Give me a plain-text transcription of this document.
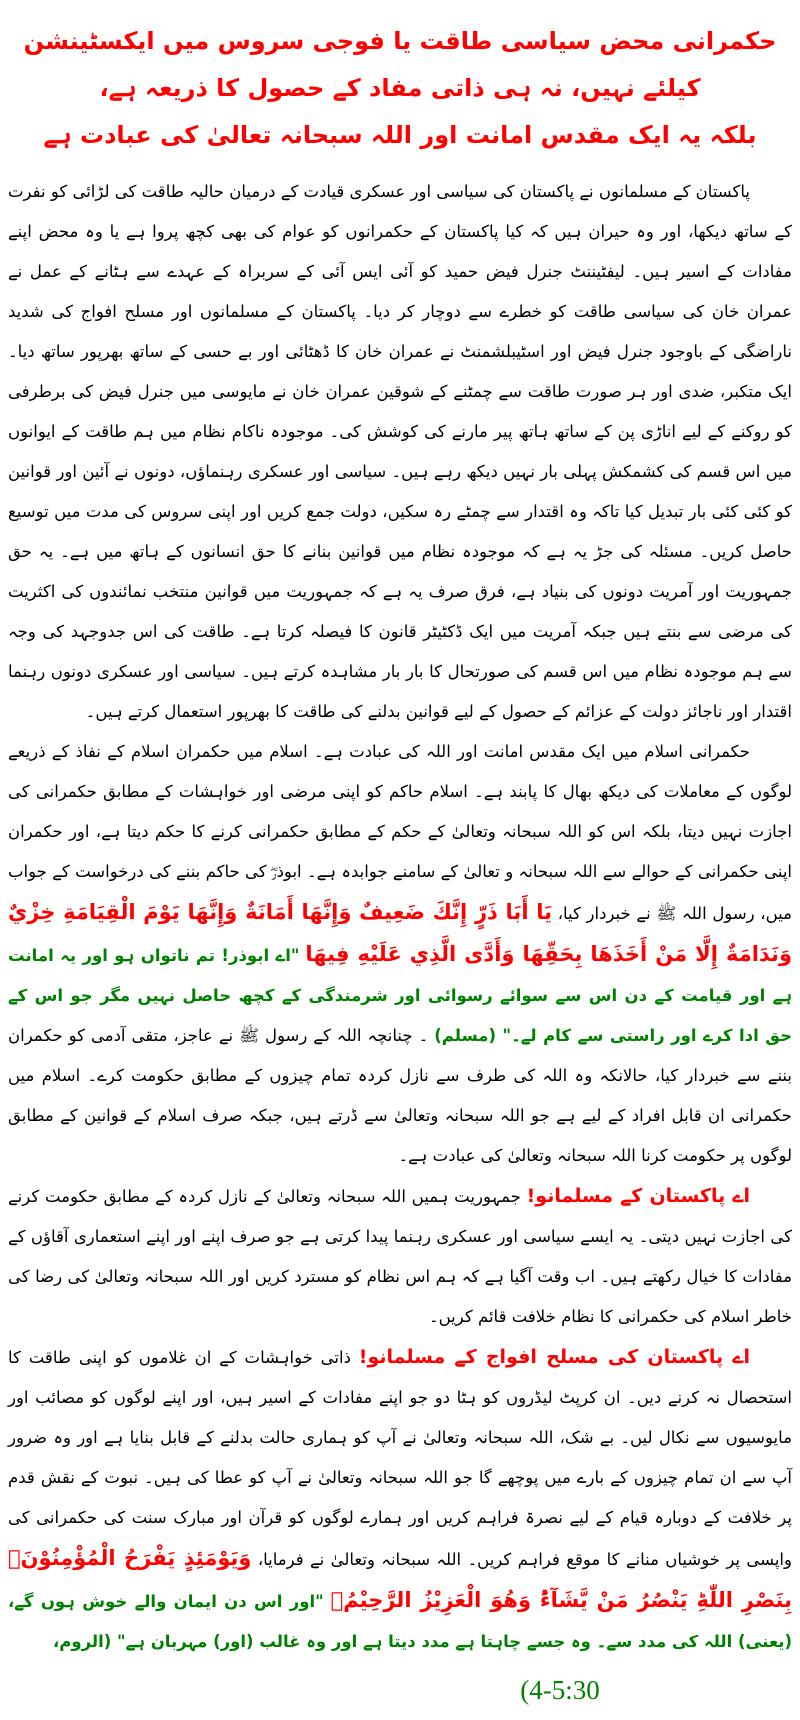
حکمرانی محض سیاسی طاقت یا فوجی سروس میں ایکسٹینشن کیلئے نہیں، نہ ہی ذاتی مفاد کے حصول کا ذریعہ ہے،
بلکہ یہ ایک مقدس امانت اور اللہ سبحانہ تعالیٰ کی عبادت ہے

پاکستان کے مسلمانوں نے پاکستان کی سیاسی اور عسکری قیادت کے درمیان حالیہ طاقت کی لڑائی کو نفرت کے ساتھ دیکھا، اور وہ حیران ہیں کہ کیا پاکستان کے حکمرانوں کو عوام کی بھی کچھ پروا ہے یا وہ محض اپنے مفادات کے اسیر ہیں۔ لیفٹیننٹ جنرل فیض حمید کو آئی ایس آئی کے سربراہ کے عہدے سے ہٹانے کے عمل نے عمران خان کی سیاسی طاقت کو خطرے سے دوچار کر دیا۔ پاکستان کے مسلمانوں اور مسلح افواج کی شدید ناراضگی کے باوجود جنرل فیض اور اسٹیبلشمنٹ نے عمران خان کا ڈھٹائی اور بے حسی کے ساتھ بھرپور ساتھ دیا۔ ایک متکبر، ضدی اور ہر صورت طاقت سے چمٹنے کے شوقین عمران خان نے مایوسی میں جنرل فیض کی برطرفی کو روکنے کے لیے اناڑی پن کے ساتھ ہاتھ پیر مارنے کی کوشش کی۔ موجودہ ناکام نظام میں ہم طاقت کے ایوانوں میں اس قسم کی کشمکش پہلی بار نہیں دیکھ رہے ہیں۔ سیاسی اور عسکری رہنماؤں، دونوں نے آئین اور قوانین کو کئی کئی بار تبدیل کیا تاکہ وہ اقتدار سے چمٹے رہ سکیں، دولت جمع کریں اور اپنی سروس کی مدت میں توسیع حاصل کریں۔ مسئلہ کی جڑ یہ ہے کہ موجودہ نظام میں قوانین بنانے کا حق انسانوں کے ہاتھ میں ہے۔ یہ حق جمہوریت اور آمریت دونوں کی بنیاد ہے، فرق صرف یہ ہے کہ جمہوریت میں قوانین منتخب نمائندوں کی اکثریت کی مرضی سے بنتے ہیں جبکہ آمریت میں ایک ڈکٹیٹر قانون کا فیصلہ کرتا ہے۔ طاقت کی اس جدوجہد کی وجہ سے ہم موجودہ نظام میں اس قسم کی صورتحال کا بار بار مشاہدہ کرتے ہیں۔ سیاسی اور عسکری دونوں رہنما اقتدار اور ناجائز دولت کے عزائم کے حصول کے لیے قوانین بدلنے کی طاقت کا بھرپور استعمال کرتے ہیں۔

حکمرانی اسلام میں ایک مقدس امانت اور اللہ کی عبادت ہے۔ اسلام میں حکمران اسلام کے نفاذ کے ذریعے لوگوں کے معاملات کی دیکھ بھال کا پابند ہے۔ اسلام حاکم کو اپنی مرضی اور خواہشات کے مطابق حکمرانی کی اجازت نہیں دیتا، بلکہ اس کو اللہ سبحانہ وتعالیٰ کے حکم کے مطابق حکمرانی کرنے کا حکم دیتا ہے، اور حکمران اپنی حکمرانی کے حوالے سے اللہ سبحانہ و تعالیٰ کے سامنے جوابدہ ہے۔ ابوذرؓ کی حاکم بننے کی درخواست کے جواب میں، رسول اللہ ﷺ نے خبردار کیا، يَا أَبَا ذَرٍّ إِنَّكَ ضَعِيفٌ وَإِنَّهَا أَمَانَةٌ وَإِنَّهَا يَوْمَ الْقِيَامَةِ خِزْيٌ وَنَدَامَةٌ إِلَّا مَنْ أَخَذَهَا بِحَقِّهَا وَأَدَّى الَّذِي عَلَيْهِ فِيهَا "اے ابوذر! تم ناتواں ہو اور یہ امانت ہے اور قیامت کے دن اس سے سوائے رسوائی اور شرمندگی کے کچھ حاصل نہیں مگر جو اس کے حق ادا کرے اور راستی سے کام لے۔" (مسلم) ۔ چنانچہ اللہ کے رسول ﷺ نے عاجز، متقی آدمی کو حکمران بننے سے خبردار کیا، حالانکہ وہ اللہ کی طرف سے نازل کردہ تمام چیزوں کے مطابق حکومت کرے۔ اسلام میں حکمرانی ان قابل افراد کے لیے ہے جو اللہ سبحانہ وتعالیٰ سے ڈرتے ہیں، جبکہ صرف اسلام کے قوانین کے مطابق لوگوں پر حکومت کرنا اللہ سبحانہ وتعالیٰ کی عبادت ہے۔

اے پاکستان کے مسلمانو! جمہوریت ہمیں اللہ سبحانہ وتعالیٰ کے نازل کردہ کے مطابق حکومت کرنے کی اجازت نہیں دیتی۔ یہ ایسے سیاسی اور عسکری رہنما پیدا کرتی ہے جو صرف اپنے اور اپنے استعماری آقاؤں کے مفادات کا خیال رکھتے ہیں۔ اب وقت آگیا ہے کہ ہم اس نظام کو مسترد کریں اور اللہ سبحانہ وتعالیٰ کی رضا کی خاطر اسلام کی حکمرانی کا نظام خلافت قائم کریں۔

اے پاکستان کی مسلح افواج کے مسلمانو! ذاتی خواہشات کے ان غلاموں کو اپنی طاقت کا استحصال نہ کرنے دیں۔ ان کرپٹ لیڈروں کو ہٹا دو جو اپنے مفادات کے اسیر ہیں، اور اپنے لوگوں کو مصائب اور مایوسیوں سے نکال لیں۔ بے شک، اللہ سبحانہ وتعالیٰ نے آپ کو ہماری حالت بدلنے کے قابل بنایا ہے اور وہ ضرور آپ سے ان تمام چیزوں کے بارے میں پوچھے گا جو اللہ سبحانہ وتعالیٰ نے آپ کو عطا کی ہیں۔ نبوت کے نقش قدم پر خلافت کے دوبارہ قیام کے لیے نصرۃ فراہم کریں اور ہمارے لوگوں کو قرآن اور مبارک سنت کی حکمرانی کی واپسی پر خوشیاں منانے کا موقع فراہم کریں۔ اللہ سبحانہ وتعالیٰ نے فرمایا، وَيَوْمَئِذٍ يَفْرَحُ الْمُؤْمِنُوْنَۙ بِنَصْرِ اللّٰهِؕ يَنْصُرُ مَنْ يَّشَآءُؕ وَهُوَ الْعَزِيْزُ الرَّحِيْمُۙ "اور اس دن ایمان والے خوش ہوں گے، (یعنی) اللہ کی مدد سے۔ وہ جسے چاہتا ہے مدد دیتا ہے اور وہ غالب (اور) مہربان ہے" (الروم،

(4-5:30
